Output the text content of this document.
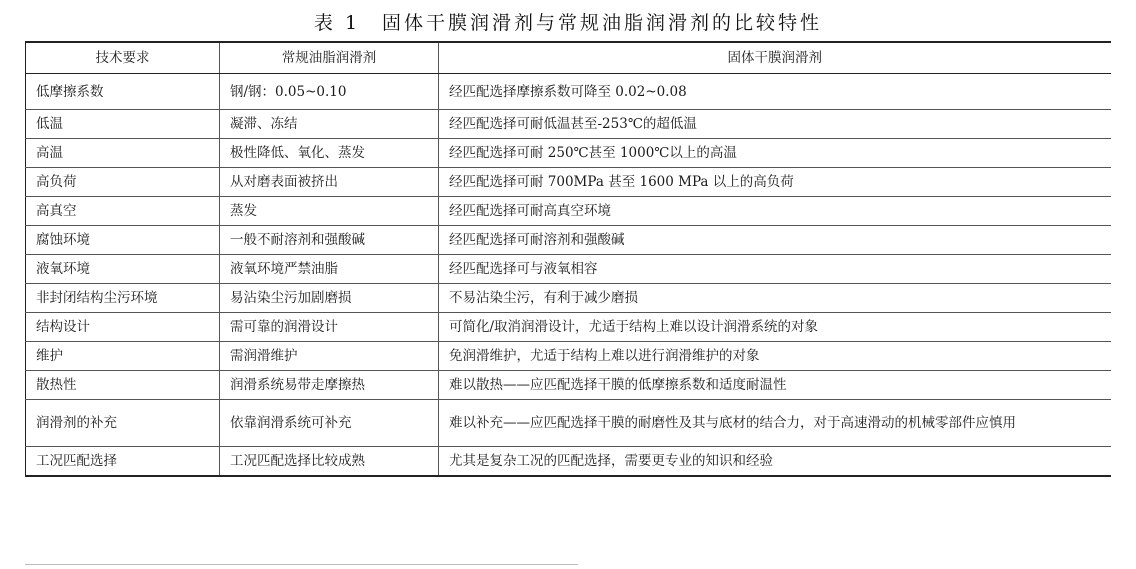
表 1　固体干膜润滑剂与常规油脂润滑剂的比较特性
技术要求	常规油脂润滑剂	固体干膜润滑剂
低摩擦系数	钢/钢：0.05~0.10	经匹配选择摩擦系数可降至 0.02~0.08
低温	凝滞、冻结	经匹配选择可耐低温甚至-253℃的超低温
高温	极性降低、氧化、蒸发	经匹配选择可耐 250℃甚至 1000℃以上的高温
高负荷	从对磨表面被挤出	经匹配选择可耐 700MPa 甚至 1600 MPa 以上的高负荷
高真空	蒸发	经匹配选择可耐高真空环境
腐蚀环境	一般不耐溶剂和强酸碱	经匹配选择可耐溶剂和强酸碱
液氧环境	液氧环境严禁油脂	经匹配选择可与液氧相容
非封闭结构尘污环境	易沾染尘污加剧磨损	不易沾染尘污，有利于减少磨损
结构设计	需可靠的润滑设计	可简化/取消润滑设计，尤适于结构上难以设计润滑系统的对象
维护	需润滑维护	免润滑维护，尤适于结构上难以进行润滑维护的对象
散热性	润滑系统易带走摩擦热	难以散热——应匹配选择干膜的低摩擦系数和适度耐温性
润滑剂的补充	依靠润滑系统可补充	难以补充——应匹配选择干膜的耐磨性及其与底材的结合力，对于高速滑动的机械零部件应慎用
工况匹配选择	工况匹配选择比较成熟	尤其是复杂工况的匹配选择，需要更专业的知识和经验
